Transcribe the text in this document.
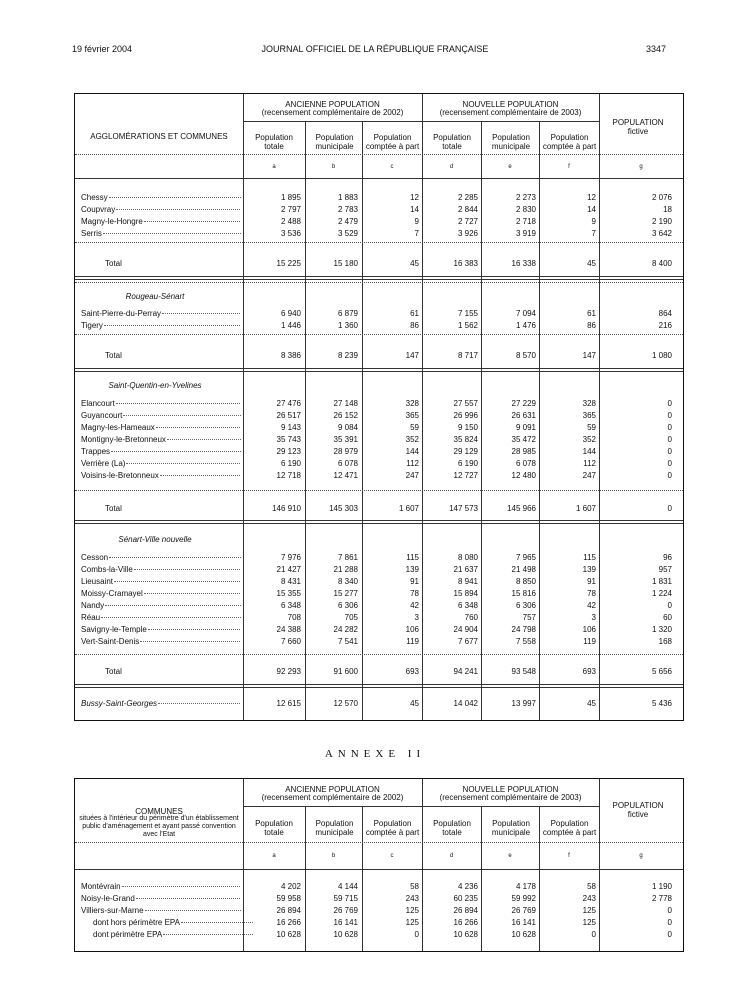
19 février 2004	JOURNAL OFFICIEL DE LA RÉPUBLIQUE FRANÇAISE	3347
AGGLOMÉRATIONS ET COMMUNES
ANCIENNE POPULATION
(recensement complémentaire de 2002)
NOUVELLE POPULATION
(recensement complémentaire de 2003)
POPULATION fictive
Population totale
Population municipale
Population comptée à part
Population totale
Population municipale
Population comptée à part
a	b	c	d	e	f	g
Rougeau-Sénart
Saint-Quentin-en-Yvelines
Sénart-Ville nouvelle
Chessy	1 895	1 883	12	2 285	2 273	12	2 076
Coupvray	2 797	2 783	14	2 844	2 830	14	18
Magny-le-Hongre	2 488	2 479	9	2 727	2 718	9	2 190
Serris	3 536	3 529	7	3 926	3 919	7	3 642
Total	15 225	15 180	45	16 383	16 338	45	8 400
Saint-Pierre-du-Perray	6 940	6 879	61	7 155	7 094	61	864
Tigery	1 446	1 360	86	1 562	1 476	86	216
Total	8 386	8 239	147	8 717	8 570	147	1 080
Elancourt	27 476	27 148	328	27 557	27 229	328	0
Guyancourt	26 517	26 152	365	26 996	26 631	365	0
Magny-les-Hameaux	9 143	9 084	59	9 150	9 091	59	0
Montigny-le-Bretonneux	35 743	35 391	352	35 824	35 472	352	0
Trappes	29 123	28 979	144	29 129	28 985	144	0
Verrière (La)	6 190	6 078	112	6 190	6 078	112	0
Voisins-le-Bretonneux	12 718	12 471	247	12 727	12 480	247	0
Total	146 910	145 303	1 607	147 573	145 966	1 607	0
Cesson	7 976	7 861	115	8 080	7 965	115	96
Combs-la-Ville	21 427	21 288	139	21 637	21 498	139	957
Lieusaint	8 431	8 340	91	8 941	8 850	91	1 831
Moissy-Cramayel	15 355	15 277	78	15 894	15 816	78	1 224
Nandy	6 348	6 306	42	6 348	6 306	42	0
Réau	708	705	3	760	757	3	60
Savigny-le-Temple	24 388	24 282	106	24 904	24 798	106	1 320
Vert-Saint-Denis	7 660	7 541	119	7 677	7 558	119	168
Total	92 293	91 600	693	94 241	93 548	693	5 656
Bussy-Saint-Georges	12 615	12 570	45	14 042	13 997	45	5 436
ANNEXE II
COMMUNES
situées à l'intérieur du périmètre d'un établissement public d'aménagement et ayant passé convention avec l'Etat
ANCIENNE POPULATION
(recensement complémentaire de 2002)
NOUVELLE POPULATION
(recensement complémentaire de 2003)
POPULATION fictive
Population totale
Population municipale
Population comptée à part
Population totale
Population municipale
Population comptée à part
a	b	c	d	e	f	g
Montévrain	4 202	4 144	58	4 236	4 178	58	1 190
Noisy-le-Grand	59 958	59 715	243	60 235	59 992	243	2 778
Villiers-sur-Marne	26 894	26 769	125	26 894	26 769	125	0
dont hors périmètre EPA	16 266	16 141	125	16 266	16 141	125	0
dont périmètre EPA	10 628	10 628	0	10 628	10 628	0	0
